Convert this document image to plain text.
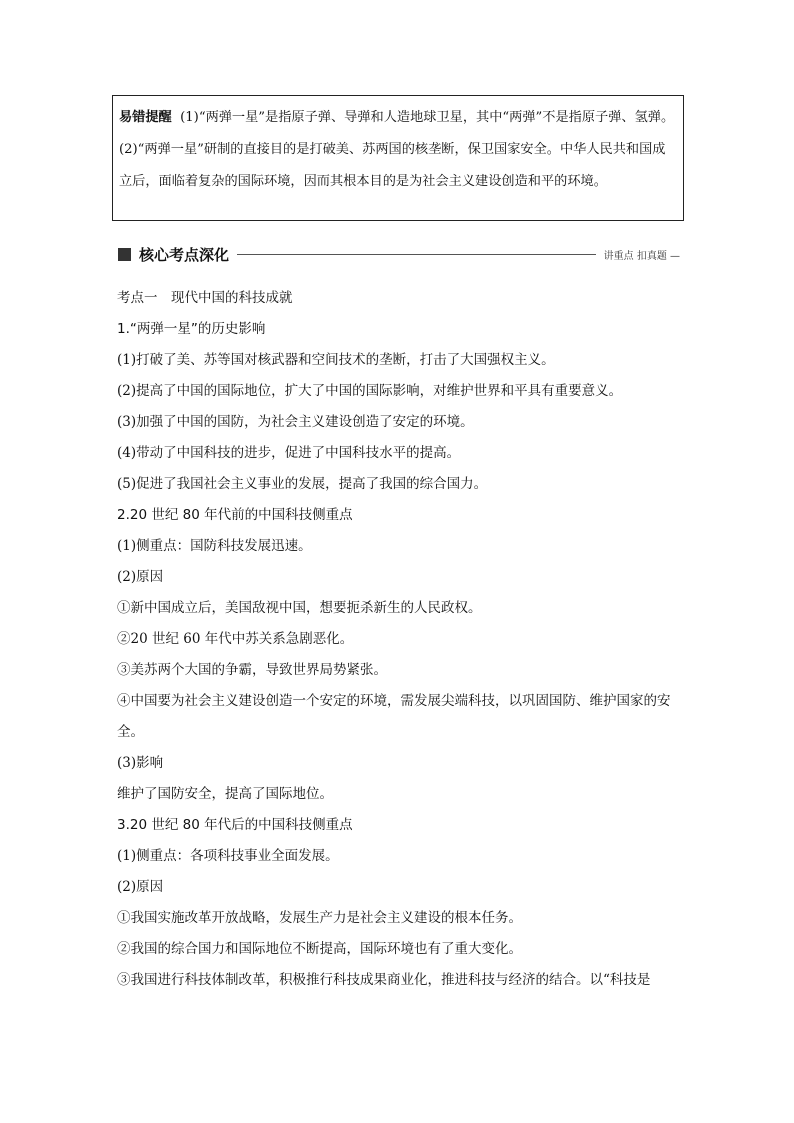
易错提醒 (1)“两弹一星”是指原子弹、导弹和人造地球卫星，其中“两弹”不是指原子弹、氢弹。

(2)“两弹一星”研制的直接目的是打破美、苏两国的核垄断，保卫国家安全。中华人民共和国成立后，面临着复杂的国际环境，因而其根本目的是为社会主义建设创造和平的环境。

核心考点深化	讲重点 扣真题 —
考点一　现代中国的科技成就
1.“两弹一星”的历史影响
(1)打破了美、苏等国对核武器和空间技术的垄断，打击了大国强权主义。
(2)提高了中国的国际地位，扩大了中国的国际影响，对维护世界和平具有重要意义。
(3)加强了中国的国防，为社会主义建设创造了安定的环境。
(4)带动了中国科技的进步，促进了中国科技水平的提高。
(5)促进了我国社会主义事业的发展，提高了我国的综合国力。
2.20 世纪 80 年代前的中国科技侧重点
(1)侧重点：国防科技发展迅速。
(2)原因
①新中国成立后，美国敌视中国，想要扼杀新生的人民政权。
②20 世纪 60 年代中苏关系急剧恶化。
③美苏两个大国的争霸，导致世界局势紧张。
④中国要为社会主义建设创造一个安定的环境，需发展尖端科技，以巩固国防、维护国家的安全。
(3)影响
维护了国防安全，提高了国际地位。
3.20 世纪 80 年代后的中国科技侧重点
(1)侧重点：各项科技事业全面发展。
(2)原因
①我国实施改革开放战略，发展生产力是社会主义建设的根本任务。
②我国的综合国力和国际地位不断提高，国际环境也有了重大变化。
③我国进行科技体制改革，积极推行科技成果商业化，推进科技与经济的结合。以“科技是
